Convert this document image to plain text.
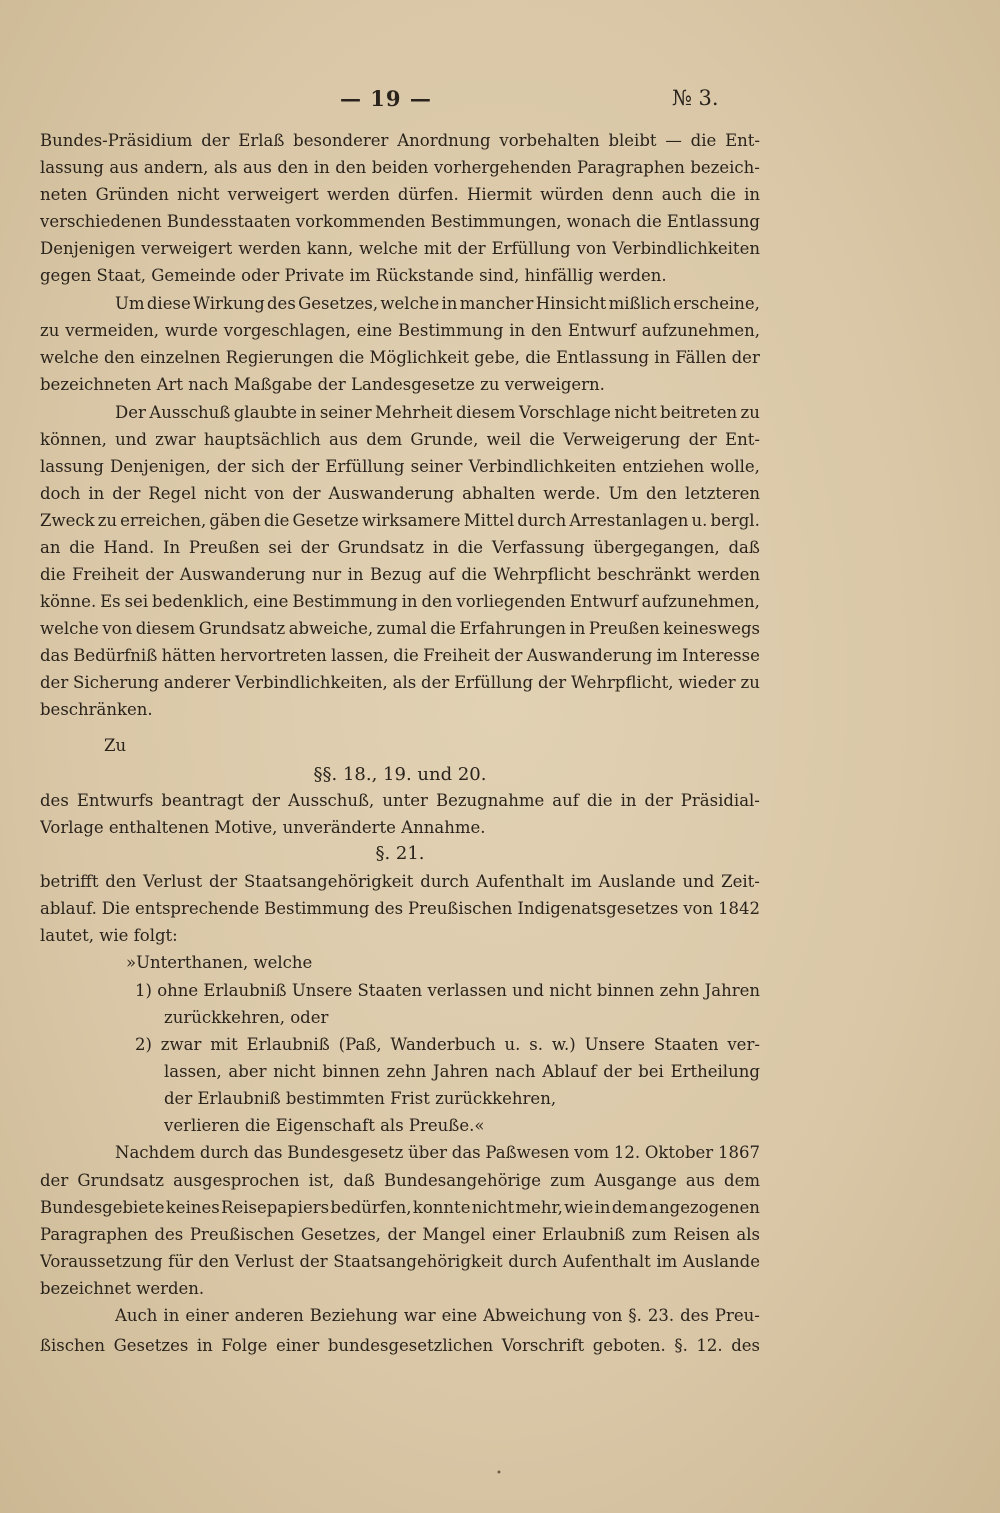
— 19 —	№ 3.
Bundes-Präsidium der Erlaß besonderer Anordnung vorbehalten bleibt — die Ent-
lassung aus andern, als aus den in den beiden vorhergehenden Paragraphen bezeich-
neten Gründen nicht verweigert werden dürfen. Hiermit würden denn auch die in
verschiedenen Bundesstaaten vorkommenden Bestimmungen, wonach die Entlassung
Denjenigen verweigert werden kann, welche mit der Erfüllung von Verbindlichkeiten
gegen Staat, Gemeinde oder Private im Rückstande sind, hinfällig werden.
Um diese Wirkung des Gesetzes, welche in mancher Hinsicht mißlich erscheine,
zu vermeiden, wurde vorgeschlagen, eine Bestimmung in den Entwurf aufzunehmen,
welche den einzelnen Regierungen die Möglichkeit gebe, die Entlassung in Fällen der
bezeichneten Art nach Maßgabe der Landesgesetze zu verweigern.
Der Ausschuß glaubte in seiner Mehrheit diesem Vorschlage nicht beitreten zu
können, und zwar hauptsächlich aus dem Grunde, weil die Verweigerung der Ent-
lassung Denjenigen, der sich der Erfüllung seiner Verbindlichkeiten entziehen wolle,
doch in der Regel nicht von der Auswanderung abhalten werde. Um den letzteren
Zweck zu erreichen, gäben die Gesetze wirksamere Mittel durch Arrestanlagen u. bergl.
an die Hand. In Preußen sei der Grundsatz in die Verfassung übergegangen, daß
die Freiheit der Auswanderung nur in Bezug auf die Wehrpflicht beschränkt werden
könne. Es sei bedenklich, eine Bestimmung in den vorliegenden Entwurf aufzunehmen,
welche von diesem Grundsatz abweiche, zumal die Erfahrungen in Preußen keineswegs
das Bedürfniß hätten hervortreten lassen, die Freiheit der Auswanderung im Interesse
der Sicherung anderer Verbindlichkeiten, als der Erfüllung der Wehrpflicht, wieder zu
beschränken.
Zu
§§. 18., 19. und 20.
des Entwurfs beantragt der Ausschuß, unter Bezugnahme auf die in der Präsidial-
Vorlage enthaltenen Motive, unveränderte Annahme.
§. 21.
betrifft den Verlust der Staatsangehörigkeit durch Aufenthalt im Auslande und Zeit-
ablauf. Die entsprechende Bestimmung des Preußischen Indigenatsgesetzes von 1842
lautet, wie folgt:
»Unterthanen, welche
1) ohne Erlaubniß Unsere Staaten verlassen und nicht binnen zehn Jahren
zurückkehren, oder
2) zwar mit Erlaubniß (Paß, Wanderbuch u. s. w.) Unsere Staaten ver-
lassen, aber nicht binnen zehn Jahren nach Ablauf der bei Ertheilung
der Erlaubniß bestimmten Frist zurückkehren,
verlieren die Eigenschaft als Preuße.«
Nachdem durch das Bundesgesetz über das Paßwesen vom 12. Oktober 1867
der Grundsatz ausgesprochen ist, daß Bundesangehörige zum Ausgange aus dem
Bundesgebiete keines Reisepapiers bedürfen, konnte nicht mehr, wie in dem angezogenen
Paragraphen des Preußischen Gesetzes, der Mangel einer Erlaubniß zum Reisen als
Voraussetzung für den Verlust der Staatsangehörigkeit durch Aufenthalt im Auslande
bezeichnet werden.
Auch in einer anderen Beziehung war eine Abweichung von §. 23. des Preu-
ßischen Gesetzes in Folge einer bundesgesetzlichen Vorschrift geboten. §. 12. des
•
